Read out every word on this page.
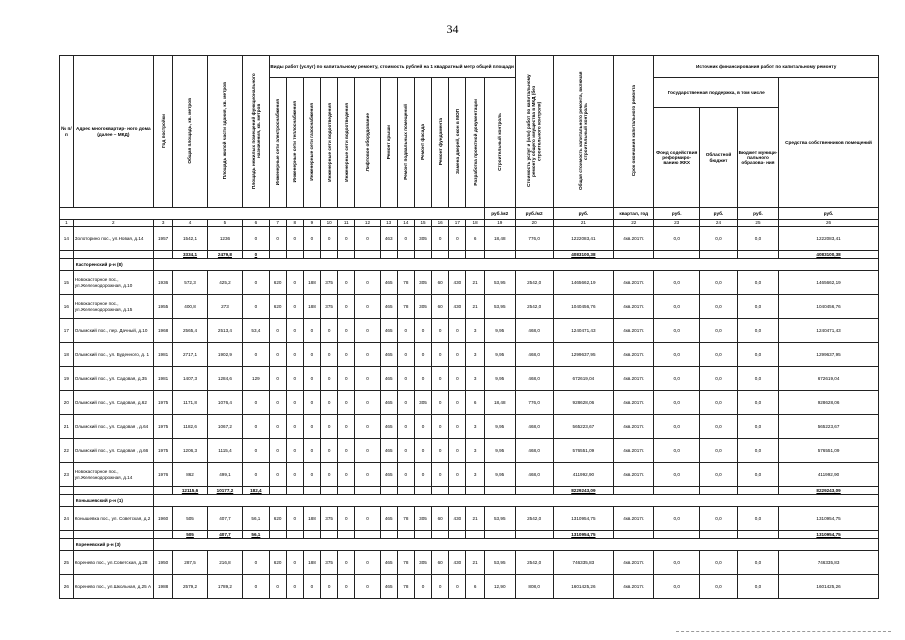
34
№ п/п	Адрес многоквартир- ного дома (далее – МКД)	Год постройки	Общая площадь, кв. метров	Площадь жилой части здания, кв. метров	Площадь нежилых помещений функционального назначения, кв. метров	Виды работ (услуг) по капитальному ремонту, стоимость рублей на 1 квадратный метр общей площади													Стоимость услуг и (или) работ по капитальному ремонту общего имущества в МКД (без строительного контроля)	Общая стоимость капитального ремонта, включая строительный контроль	Срок окончания капитального ремонта	Источник финансирования работ по капитальному ремонту			
						Инженерные сети электроснабжения	Инженерные сети теплоснабжения	Инженерные сети газоснабжения	Инженерные сети водоотведения	Инженерные сети водоотведения	Лифтовое оборудование	Ремонт крыши	Ремонт подвальных помещений	Ремонт фасада	Ремонт фундамента	Замена дверей, окон в МОП	Разработка проектной документации	Строительный контроль				Государственная поддержка, в том числе			Средства собственников помещений
																						Фонд содействия реформиро- ванию ЖКХ	Областной бюджет	Бюджет муници- пального образова- ния	
																		руб./м2	руб./м2	руб.	квартал, год	руб.	руб.	руб.	руб.
1	2	3	4	5	6	7	8	9	10	11	12	13	14	15	16	17	18	19	20	21	22	23	24	25	26
14	Золоторино пос., ул.Новая, д.14	1957	1542,1	1236	0	0	0	0	0	0	0	463	0	305	0	0	6	18,48	776,0	1222083,41	4кв.2017г.	0,0	0,0	0,0	1222083,41
			3334,1	2479,8	0															4083100,38					4083100,38
	Касторенский р-н (8)																								
15	Новокасторное пос., ул.Железнодорожная, д.10	1936	572,3	425,2	0	620	0	188	375	0	0	465	78	305	60	430	21	53,95	2542,0	1465662,19	4кв.2017г.	0,0	0,0	0,0	1465662,19
16	Новокасторное пос., ул.Железнодорожная, д.15	1955	400,8	273	0	620	0	188	375	0	0	465	78	305	60	430	21	53,95	2542,0	1040456,76	4кв.2017г.	0,0	0,0	0,0	1040456,76
17	Олымский пос., пер. Дачный, д.10	1968	2565,4	2513,4	53,4	0	0	0	0	0	0	465	0	0	0	0	3	9,95	468,0	1240471,43	4кв.2017г.	0,0	0,0	0,0	1240471,43
18	Олымский пос., ул. Буденного, д. 1	1981	2717,1	1902,9	0	0	0	0	0	0	0	465	0	0	0	0	3	9,95	468,0	1299637,95	4кв.2017г.	0,0	0,0	0,0	1299637,95
19	Олымский пос., ул. Садовая, д.35	1981	1407,3	1284,6	129	0	0	0	0	0	0	465	0	0	0	0	3	9,95	468,0	672619,04	4кв.2017г.	0,0	0,0	0,0	672619,04
20	Олымский пос., ул. Садовая, д.62	1975	1171,8	1076,4	0	0	0	0	0	0	0	465	0	305	0	0	6	18,48	776,0	928628,06	4кв.2017г.	0,0	0,0	0,0	928628,06
21	Олымский пос., ул. Садовая , д.64	1975	1182,6	1067,2	0	0	0	0	0	0	0	465	0	0	0	0	3	9,95	468,0	565223,67	4кв.2017г.	0,0	0,0	0,0	565223,67
22	Олымский пос., ул. Садовая , д.66	1975	1206,3	1115,4	0	0	0	0	0	0	0	465	0	0	0	0	3	9,95	468,0	576551,09	4кв.2017г.	0,0	0,0	0,0	576551,09
23	Новокасторное пос., ул.Железнодорожная, д.14	1976	862	499,1	0	0	0	0	0	0	0	465	0	0	0	0	3	9,95	468,0	411992,90	4кв.2017г.	0,0	0,0	0,0	411992,90
			12115,6	10177,2	182,4															8229243,09					8229243,09
	Конышевский р-н (1)																								
24	Конышевка пос., ул. Советская, д.2	1960	505	407,7	56,1	620	0	188	375	0	0	465	78	305	60	430	21	53,95	2542,0	1310954,75	4кв.2017г.	0,0	0,0	0,0	1310954,75
			505	407,7	56,1															1310954,75					1310954,75
	Кореневский р-н (3)																								
25	Коренево пос., ул.Советская, д.28	1950	287,5	216,8	0	620	0	188	375	0	0	465	78	305	60	430	21	53,95	2542,0	746335,83	4кв.2017г.	0,0	0,0	0,0	746335,83
26	Коренево пос., ул.Школьная, д.25 А	1988	2579,2	1789,2	0	0	0	0	0	0	0	465	78	0	0	0	6	12,90	808,0	1601425,26	4кв.2017г.	0,0	0,0	0,0	1601425,26
